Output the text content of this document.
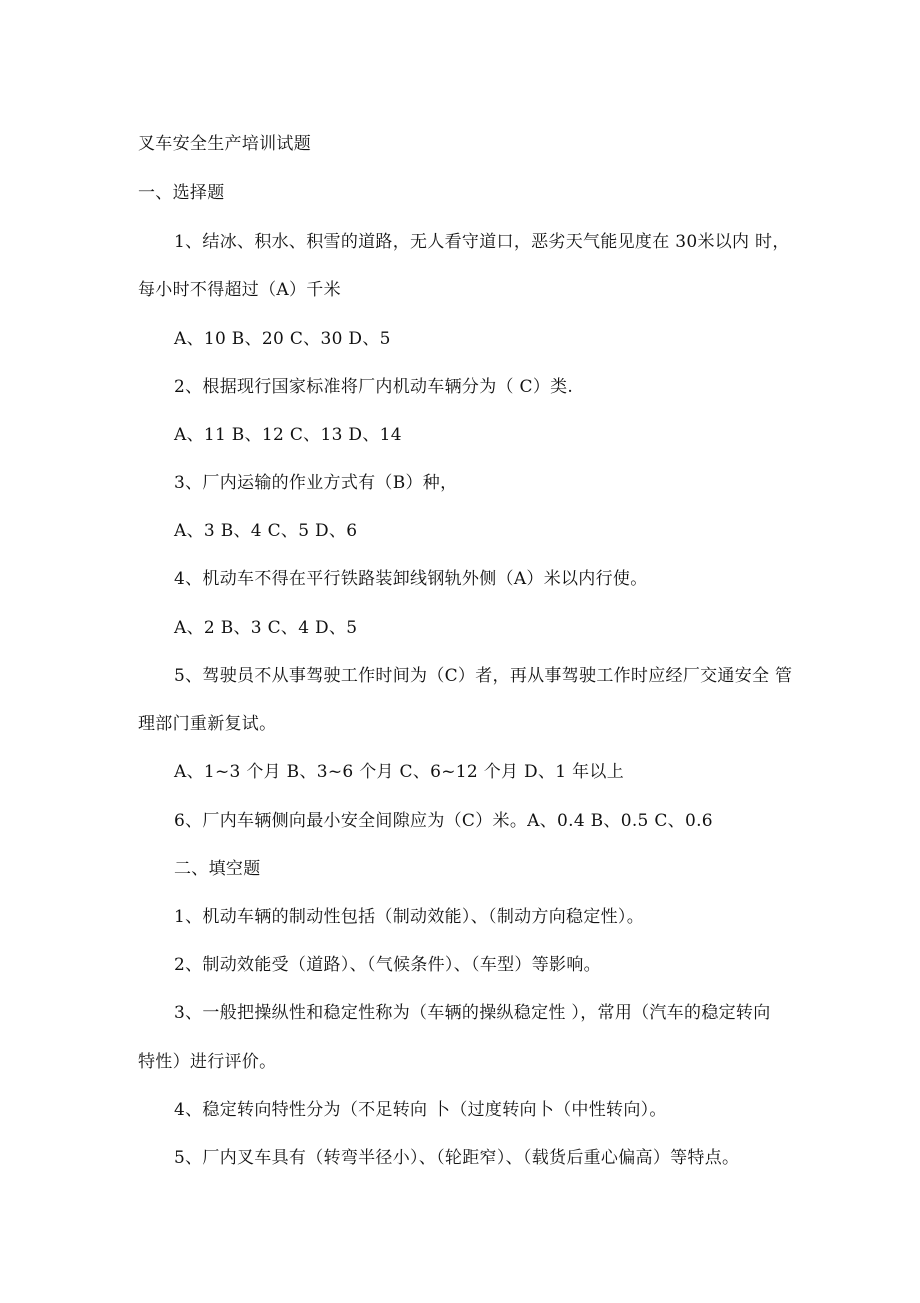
叉车安全生产培训试题
一、选择题
1、结冰、积水、积雪的道路，无人看守道口，恶劣天气能见度在 30米以内 时，
每小时不得超过（A）千米
A、10 B、20 C、30 D、5
2、根据现行国家标准将厂内机动车辆分为（ C）类.
A、11 B、12 C、13 D、14
3、厂内运输的作业方式有（B）种，
A、3 B、4 C、5 D、6
4、机动车不得在平行铁路装卸线钢轨外侧（A）米以内行使。
A、2 B、3 C、4 D、5
5、驾驶员不从事驾驶工作时间为（C）者，再从事驾驶工作时应经厂交通安全 管
理部门重新复试。
A、1~3 个月 B、3~6 个月 C、6~12 个月 D、1 年以上
6、厂内车辆侧向最小安全间隙应为（C）米。A、0.4 B、0.5 C、0.6
二、填空题
1、机动车辆的制动性包括（制动效能）、（制动方向稳定性）。
2、制动效能受（道路）、（气候条件）、（车型）等影响。
3、一般把操纵性和稳定性称为（车辆的操纵稳定性 ），常用（汽车的稳定转向
特性）进行评价。
4、稳定转向特性分为（不足转向 卜（过度转向卜（中性转向）。
5、厂内叉车具有（转弯半径小）、（轮距窄）、（载货后重心偏高）等特点。
